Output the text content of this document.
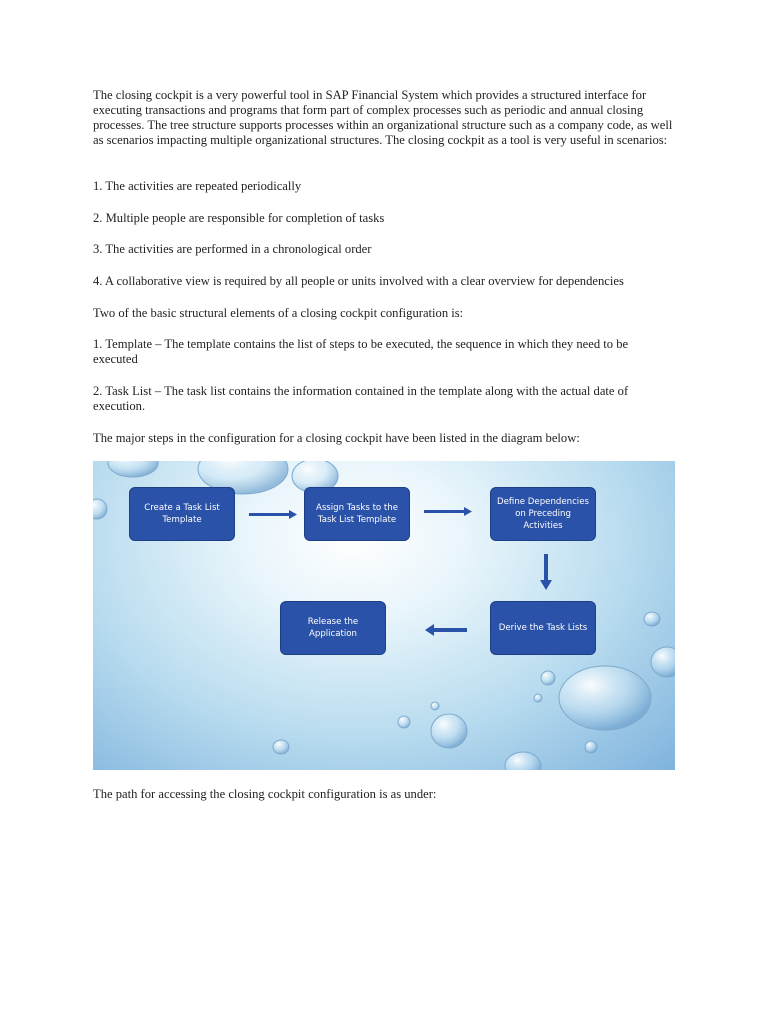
The closing cockpit is a very powerful tool in SAP Financial System which provides a structured interface for executing transactions and programs that form part of complex processes such as periodic and annual closing processes. The tree structure supports processes within an organizational structure such as a company code, as well as scenarios impacting multiple organizational structures. The closing cockpit as a tool is very useful in scenarios:

1. The activities are repeated periodically

2. Multiple people are responsible for completion of tasks

3. The activities are performed in a chronological order

4. A collaborative view is required by all people or units involved with a clear overview for dependencies

Two of the basic structural elements of a closing cockpit configuration is:

1. Template – The template contains the list of steps to be executed, the sequence in which they need to be executed

2. Task List – The task list contains the information contained in the template along with the actual date of execution.

The major steps in the configuration for a closing cockpit have been listed in the diagram below:

Create a Task List Template
Assign Tasks to the Task List Template
Define Dependencies on Preceding Activities
Derive the Task Lists
Release the Application

The path for accessing the closing cockpit configuration is as under:
